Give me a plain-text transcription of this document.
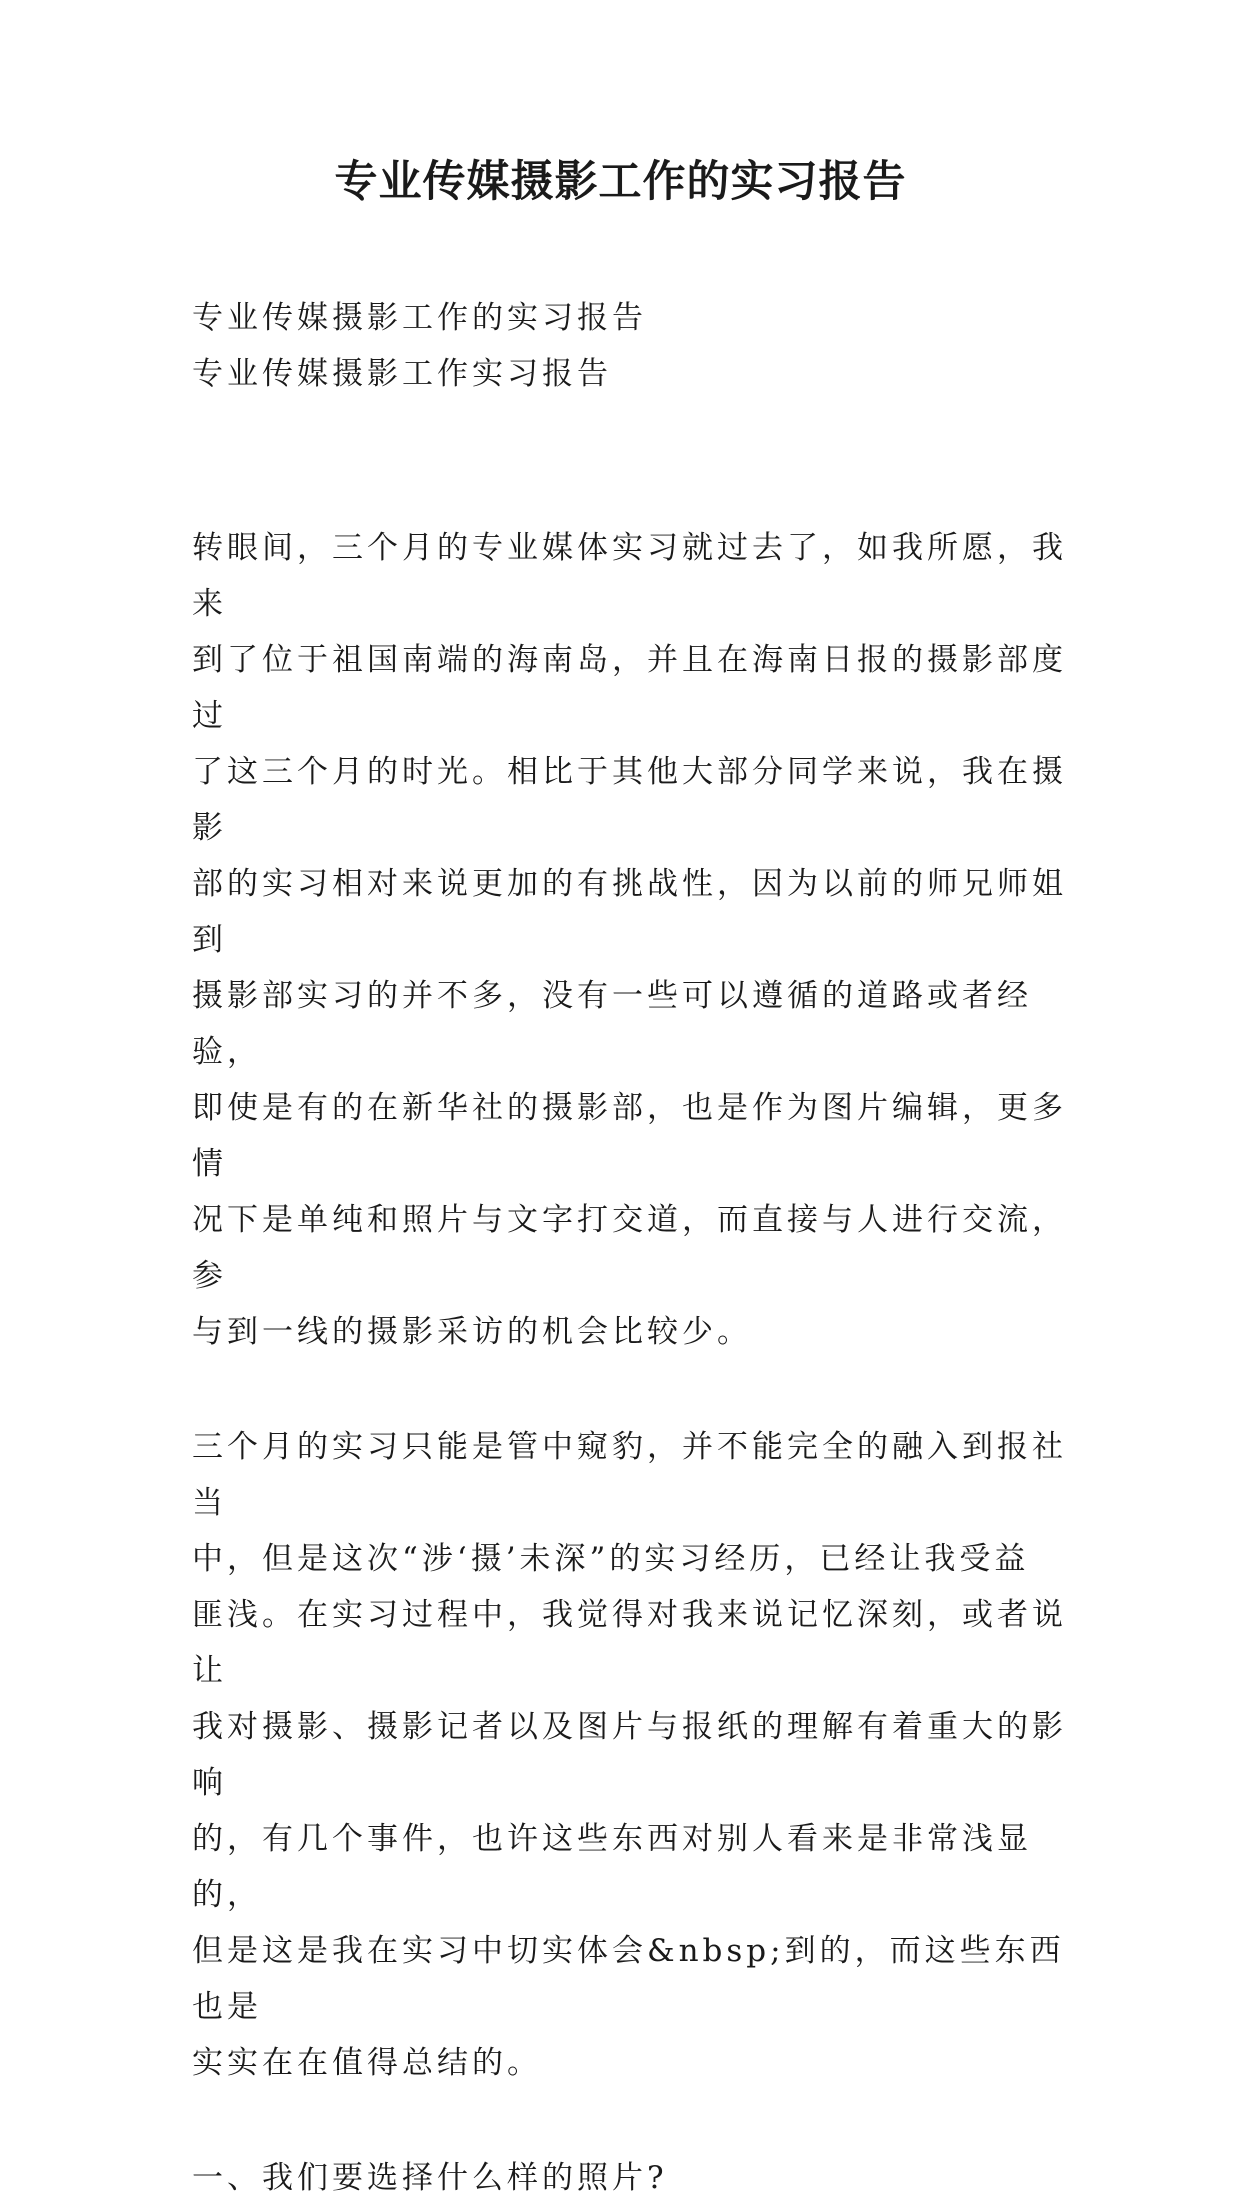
专业传媒摄影工作的实习报告

专业传媒摄影工作的实习报告

专业传媒摄影工作实习报告

转眼间，三个月的专业媒体实习就过去了，如我所愿，我来

到了位于祖国南端的海南岛，并且在海南日报的摄影部度过

了这三个月的时光。相比于其他大部分同学来说，我在摄影

部的实习相对来说更加的有挑战性，因为以前的师兄师姐到

摄影部实习的并不多，没有一些可以遵循的道路或者经验，

即使是有的在新华社的摄影部，也是作为图片编辑，更多情

况下是单纯和照片与文字打交道，而直接与人进行交流，参

与到一线的摄影采访的机会比较少。

三个月的实习只能是管中窥豹，并不能完全的融入到报社当

中，但是这次“涉‘摄’未深”的实习经历，已经让我受益

匪浅。在实习过程中，我觉得对我来说记忆深刻，或者说让

我对摄影、摄影记者以及图片与报纸的理解有着重大的影响

的，有几个事件，也许这些东西对别人看来是非常浅显的，

但是这是我在实习中切实体会&nbsp;到的，而这些东西也是

实实在在值得总结的。

一、我们要选择什么样的照片?
